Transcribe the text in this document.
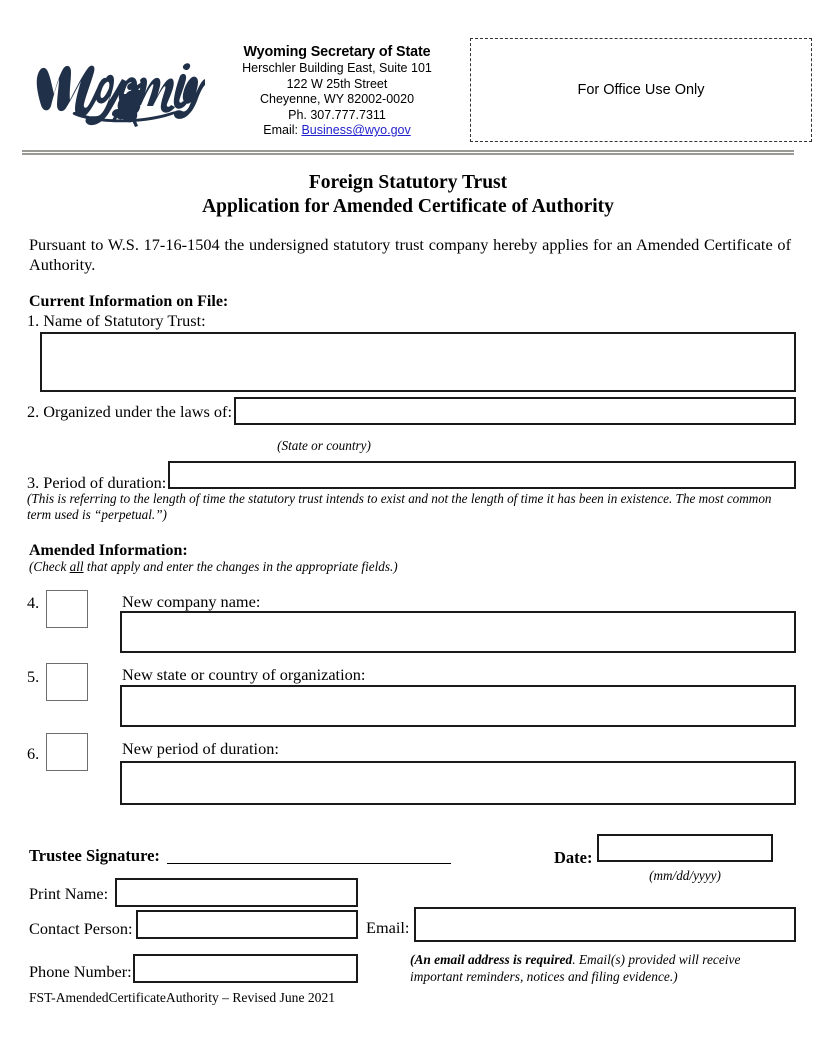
Wyoming Secretary of State
Herschler Building East, Suite 101
122 W 25th Street
Cheyenne, WY 82002-0020
Ph. 307.777.7311
Email: Business@wyo.gov
For Office Use Only
Foreign Statutory Trust
Application for Amended Certificate of Authority
Pursuant to W.S. 17-16-1504 the undersigned statutory trust company hereby applies for an Amended Certificate of Authority.
Current Information on File:
1. Name of Statutory Trust:
2. Organized under the laws of:
(State or country)
3. Period of duration:
(This is referring to the length of time the statutory trust intends to exist and not the length of time it has been in existence. The most common term used is “perpetual.”)
Amended Information:
(Check all that apply and enter the changes in the appropriate fields.)
4.	New company name:
5.	New state or country of organization:
6.	New period of duration:
Trustee Signature:	Date:
(mm/dd/yyyy)
Print Name:
Contact Person:	Email:
Phone Number:
(An email address is required. Email(s) provided will receive important reminders, notices and filing evidence.)
FST-AmendedCertificateAuthority – Revised June 2021
